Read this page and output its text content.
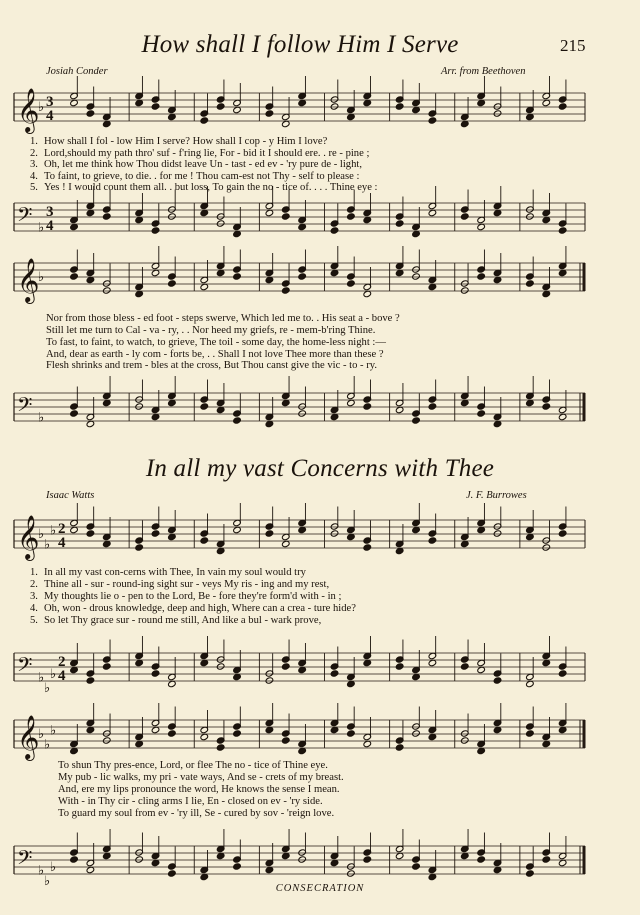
How shall I follow Him I Serve	215
Josiah Conder	Arr. from Beethoven
𝄞
♭ 3
4
1. How shall I fol - low Him I serve? How shall I cop - y Him I love?
2. Lord,should my path thro' suf - f'ring lie, For - bid it I should ere. . re - pine ;
3. Oh, let me think how Thou didst leave Un - tast - ed ev - 'ry pure de - light,
4. To faint, to grieve, to die. . for me ! Thou cam-est not Thy - self to please :
5. Yes ! I would count them all. . but loss, To gain the no - tice of. . . . Thine eye :
𝄢 ♭
3
4
𝄞
♭
Nor from those bless - ed foot - steps swerve, Which led me to. . His seat a - bove ?
Still let me turn to Cal - va - ry, . . Nor heed my griefs, re - mem-b'ring Thine.
To fast, to faint, to watch, to grieve, The toil - some day, the home-less night :—
And, dear as earth - ly com - forts be, . . Shall I not love Thee more than these ?
Flesh shrinks and trem - bles at the cross, But Thou canst give the vic - to - ry.
𝄢 ♭
In all my vast Concerns with Thee
Isaac Watts	J. F. Burrowes
𝄞
♭
♭
♭ 2
4
1. In all my vast con-cerns with Thee, In vain my soul would try
2. Thine all - sur - round-ing sight sur - veys My ris - ing and my rest,
3. My thoughts lie o - pen to the Lord, Be - fore they're form'd with - in ;
4. Oh, won - drous knowledge, deep and high, Where can a crea - ture hide?
5. So let Thy grace sur - round me still, And like a bul - wark prove,
𝄢 ♭
♭
♭
2
4
𝄞
♭
♭
♭
To shun Thy pres-ence, Lord, or flee The no - tice of Thine eye.
My pub - lic walks, my pri - vate ways, And se - crets of my breast.
And, ere my lips pronounce the word, He knows the sense I mean.
With - in Thy cir - cling arms I lie, En - closed on ev - 'ry side.
To guard my soul from ev - 'ry ill, Se - cured by sov - 'reign love.
𝄢 ♭
♭
♭
CONSECRATION
